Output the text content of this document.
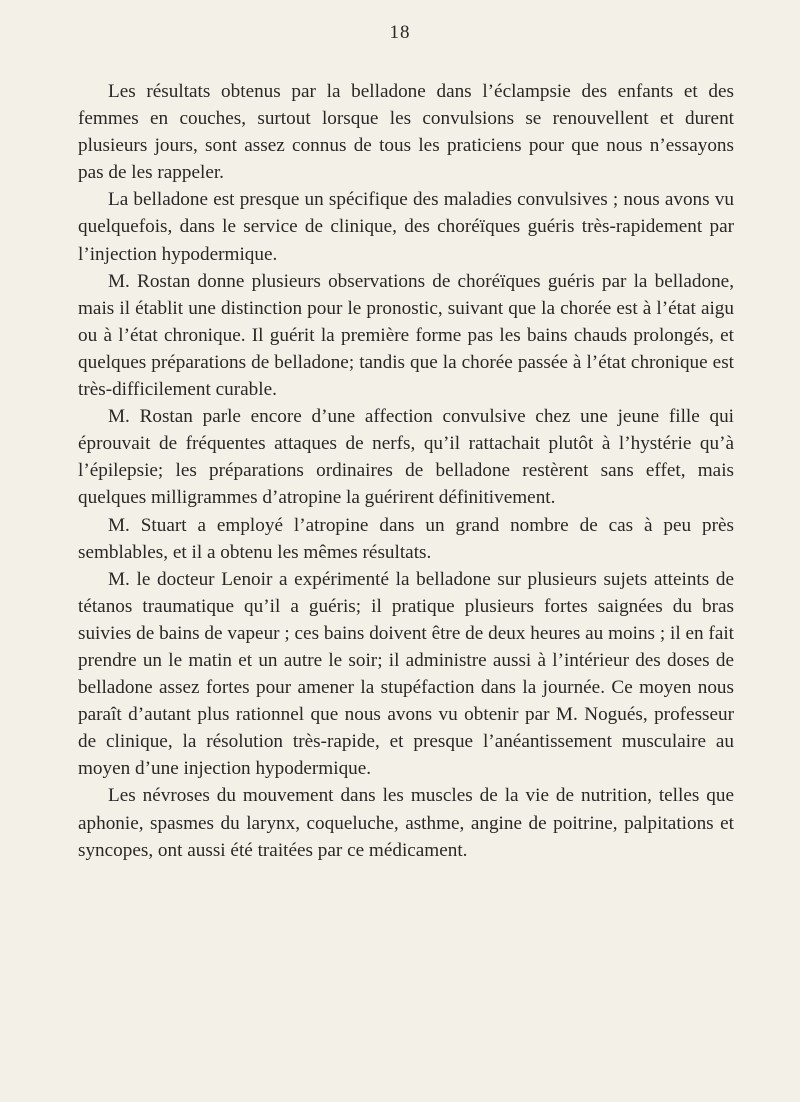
18

Les résultats obtenus par la belladone dans l’éclampsie des enfants et des femmes en couches, surtout lorsque les convulsions se renouvellent et durent plusieurs jours, sont assez connus de tous les praticiens pour que nous n’essayons pas de les rappeler.

La belladone est presque un spécifique des maladies convulsives ; nous avons vu quelquefois, dans le service de clinique, des choréïques guéris très-rapidement par l’injection hypodermique.

M. Rostan donne plusieurs observations de choréïques guéris par la belladone, mais il établit une distinction pour le pronostic, suivant que la chorée est à l’état aigu ou à l’état chronique. Il guérit la première forme pas les bains chauds prolongés, et quelques préparations de belladone; tandis que la chorée passée à l’état chronique est très-difficilement curable.

M. Rostan parle encore d’une affection convulsive chez une jeune fille qui éprouvait de fréquentes attaques de nerfs, qu’il rattachait plutôt à l’hystérie qu’à l’épilepsie; les préparations ordinaires de belladone restèrent sans effet, mais quelques milligrammes d’atropine la guérirent définitivement.

M. Stuart a employé l’atropine dans un grand nombre de cas à peu près semblables, et il a obtenu les mêmes résultats.

M. le docteur Lenoir a expérimenté la belladone sur plusieurs sujets atteints de tétanos traumatique qu’il a guéris; il pratique plusieurs fortes saignées du bras suivies de bains de vapeur ; ces bains doivent être de deux heures au moins ; il en fait prendre un le matin et un autre le soir; il administre aussi à l’intérieur des doses de belladone assez fortes pour amener la stupéfaction dans la journée. Ce moyen nous paraît d’autant plus rationnel que nous avons vu obtenir par M. Nogués, professeur de clinique, la résolution très-rapide, et presque l’anéantissement musculaire au moyen d’une injection hypodermique.

Les névroses du mouvement dans les muscles de la vie de nutrition, telles que aphonie, spasmes du larynx, coqueluche, asthme, angine de poitrine, palpitations et syncopes, ont aussi été traitées par ce médicament.
